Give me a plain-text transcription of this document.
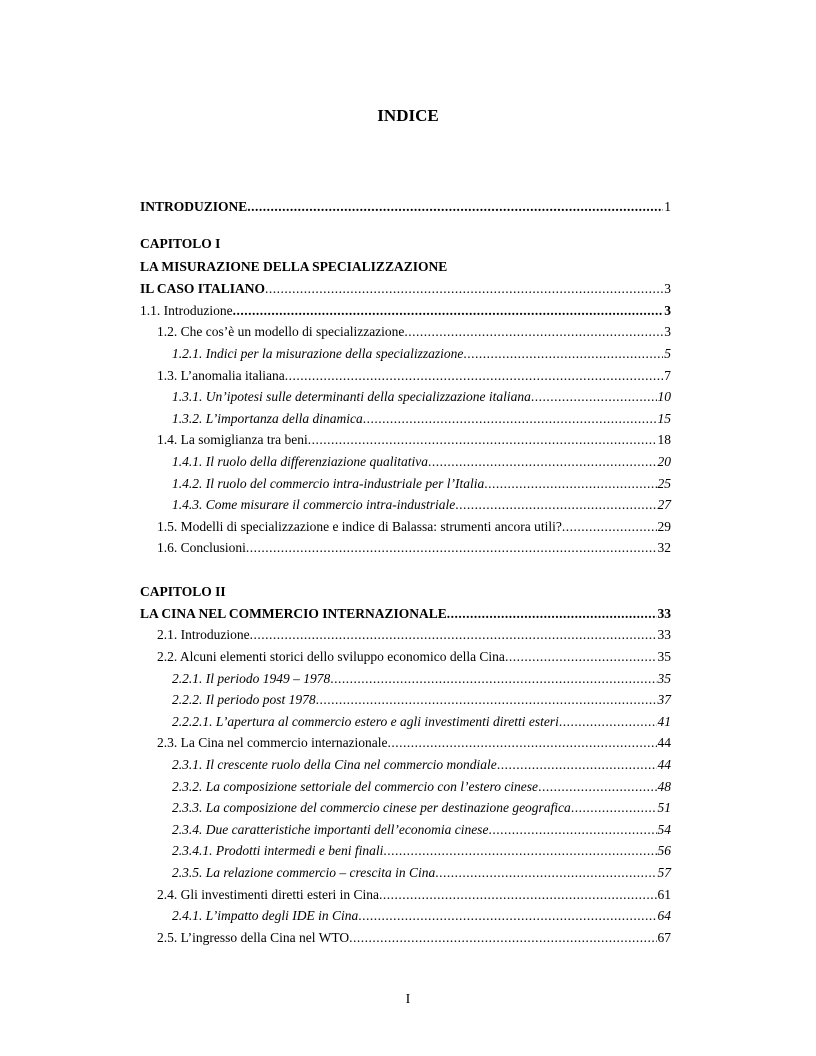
INDICE
INTRODUZIONE .....	1
CAPITOLO I
LA MISURAZIONE DELLA SPECIALIZZAZIONE
IL CASO ITALIANO .....	3
1.1. Introduzione .....	3
1.2. Che cos’è un modello di specializzazione .....	3
1.2.1. Indici per la misurazione della specializzazione .....	5
1.3. L’anomalia italiana .....	7
1.3.1. Un’ipotesi sulle determinanti della specializzazione italiana .....	10
1.3.2. L’importanza della dinamica .....	15
1.4. La somiglianza tra beni .....	18
1.4.1. Il ruolo della differenziazione qualitativa .....	20
1.4.2. Il ruolo del commercio intra-industriale per l’Italia .....	25
1.4.3. Come misurare il commercio intra-industriale .....	27
1.5. Modelli di specializzazione e indice di Balassa: strumenti ancora utili? .....	29
1.6. Conclusioni .....	32
CAPITOLO II
LA CINA NEL COMMERCIO INTERNAZIONALE .....	33
2.1. Introduzione .....	33
2.2. Alcuni elementi storici dello sviluppo economico della Cina .....	35
2.2.1. Il periodo 1949 – 1978 .....	35
2.2.2. Il periodo post 1978 .....	37
2.2.2.1. L’apertura al commercio estero e agli investimenti diretti esteri .....	41
2.3. La Cina nel commercio internazionale .....	44
2.3.1. Il crescente ruolo della Cina nel commercio mondiale .....	44
2.3.2. La composizione settoriale del commercio con l’estero cinese .....	48
2.3.3. La composizione del commercio cinese per destinazione geografica .....	51
2.3.4. Due caratteristiche importanti dell’economia cinese .....	54
2.3.4.1. Prodotti intermedi e beni finali .....	56
2.3.5. La relazione commercio – crescita in Cina .....	57
2.4. Gli investimenti diretti esteri in Cina .....	61
2.4.1. L’impatto degli IDE in Cina .....	64
2.5. L’ingresso della Cina nel WTO .....	67
I
